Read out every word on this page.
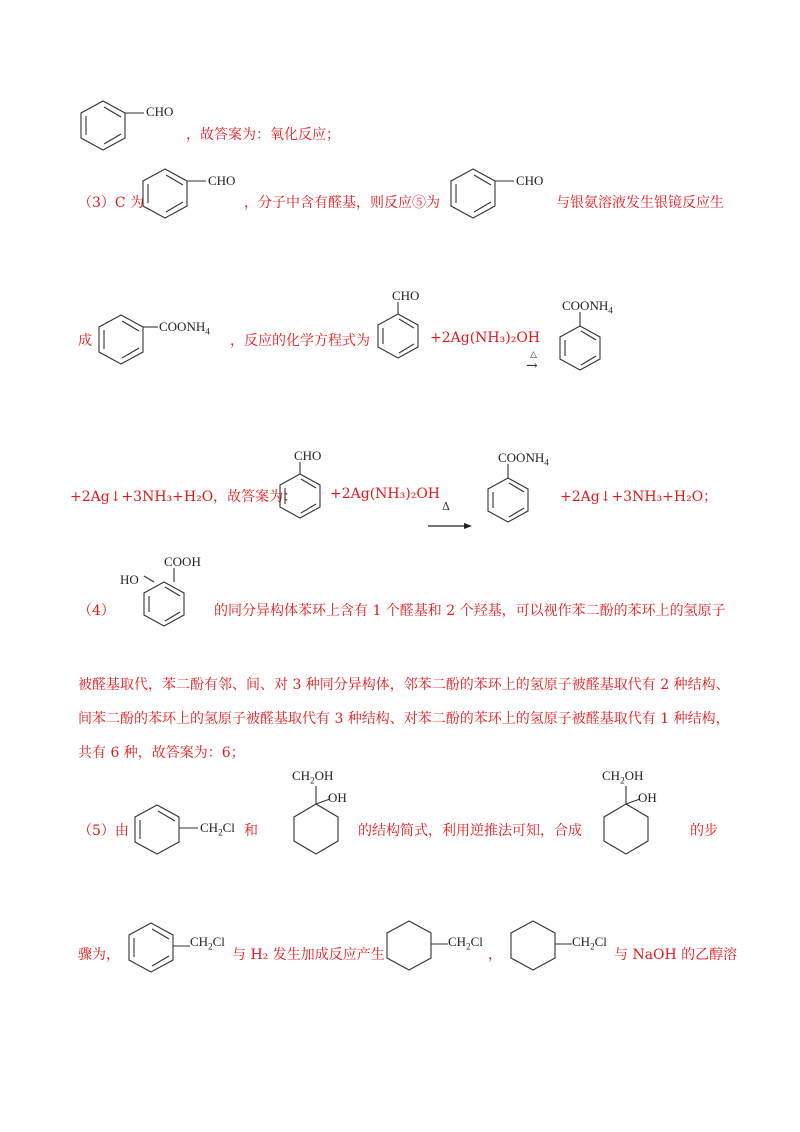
CHO
，故答案为：氧化反应；
（3）C 为
CHO
，分子中含有醛基，则反应⑤为
CHO
与银氨溶液发生银镜反应生
成
$COONH_4$
，反应的化学方程式为
CHO
+2Ag(NH₃)₂OH
△
→
$COONH_4$
+2Ag↓+3NH₃+H₂O，故答案为：
CHO
+2Ag(NH₃)₂OH
Δ
$COONH_4$
+2Ag↓+3NH₃+H₂O；
（4）
COOH
HO
的同分异构体苯环上含有 1 个醛基和 2 个羟基，可以视作苯二酚的苯环上的氢原子
被醛基取代，苯二酚有邻、间、对 3 种同分异构体，邻苯二酚的苯环上的氢原子被醛基取代有 2 种结构、
间苯二酚的苯环上的氢原子被醛基取代有 3 种结构、对苯二酚的苯环上的氢原子被醛基取代有 1 种结构，
共有 6 种，故答案为：6；
（5）由	$CH_2Cl$ 和
$CH_2OH$
OH
的结构简式，利用逆推法可知，合成
$CH_2OH$
OH
的步
骤为，
$CH_2Cl$
与 H₂ 发生加成反应产生
$CH_2Cl$
，
$CH_2Cl$
与 NaOH 的乙醇溶
